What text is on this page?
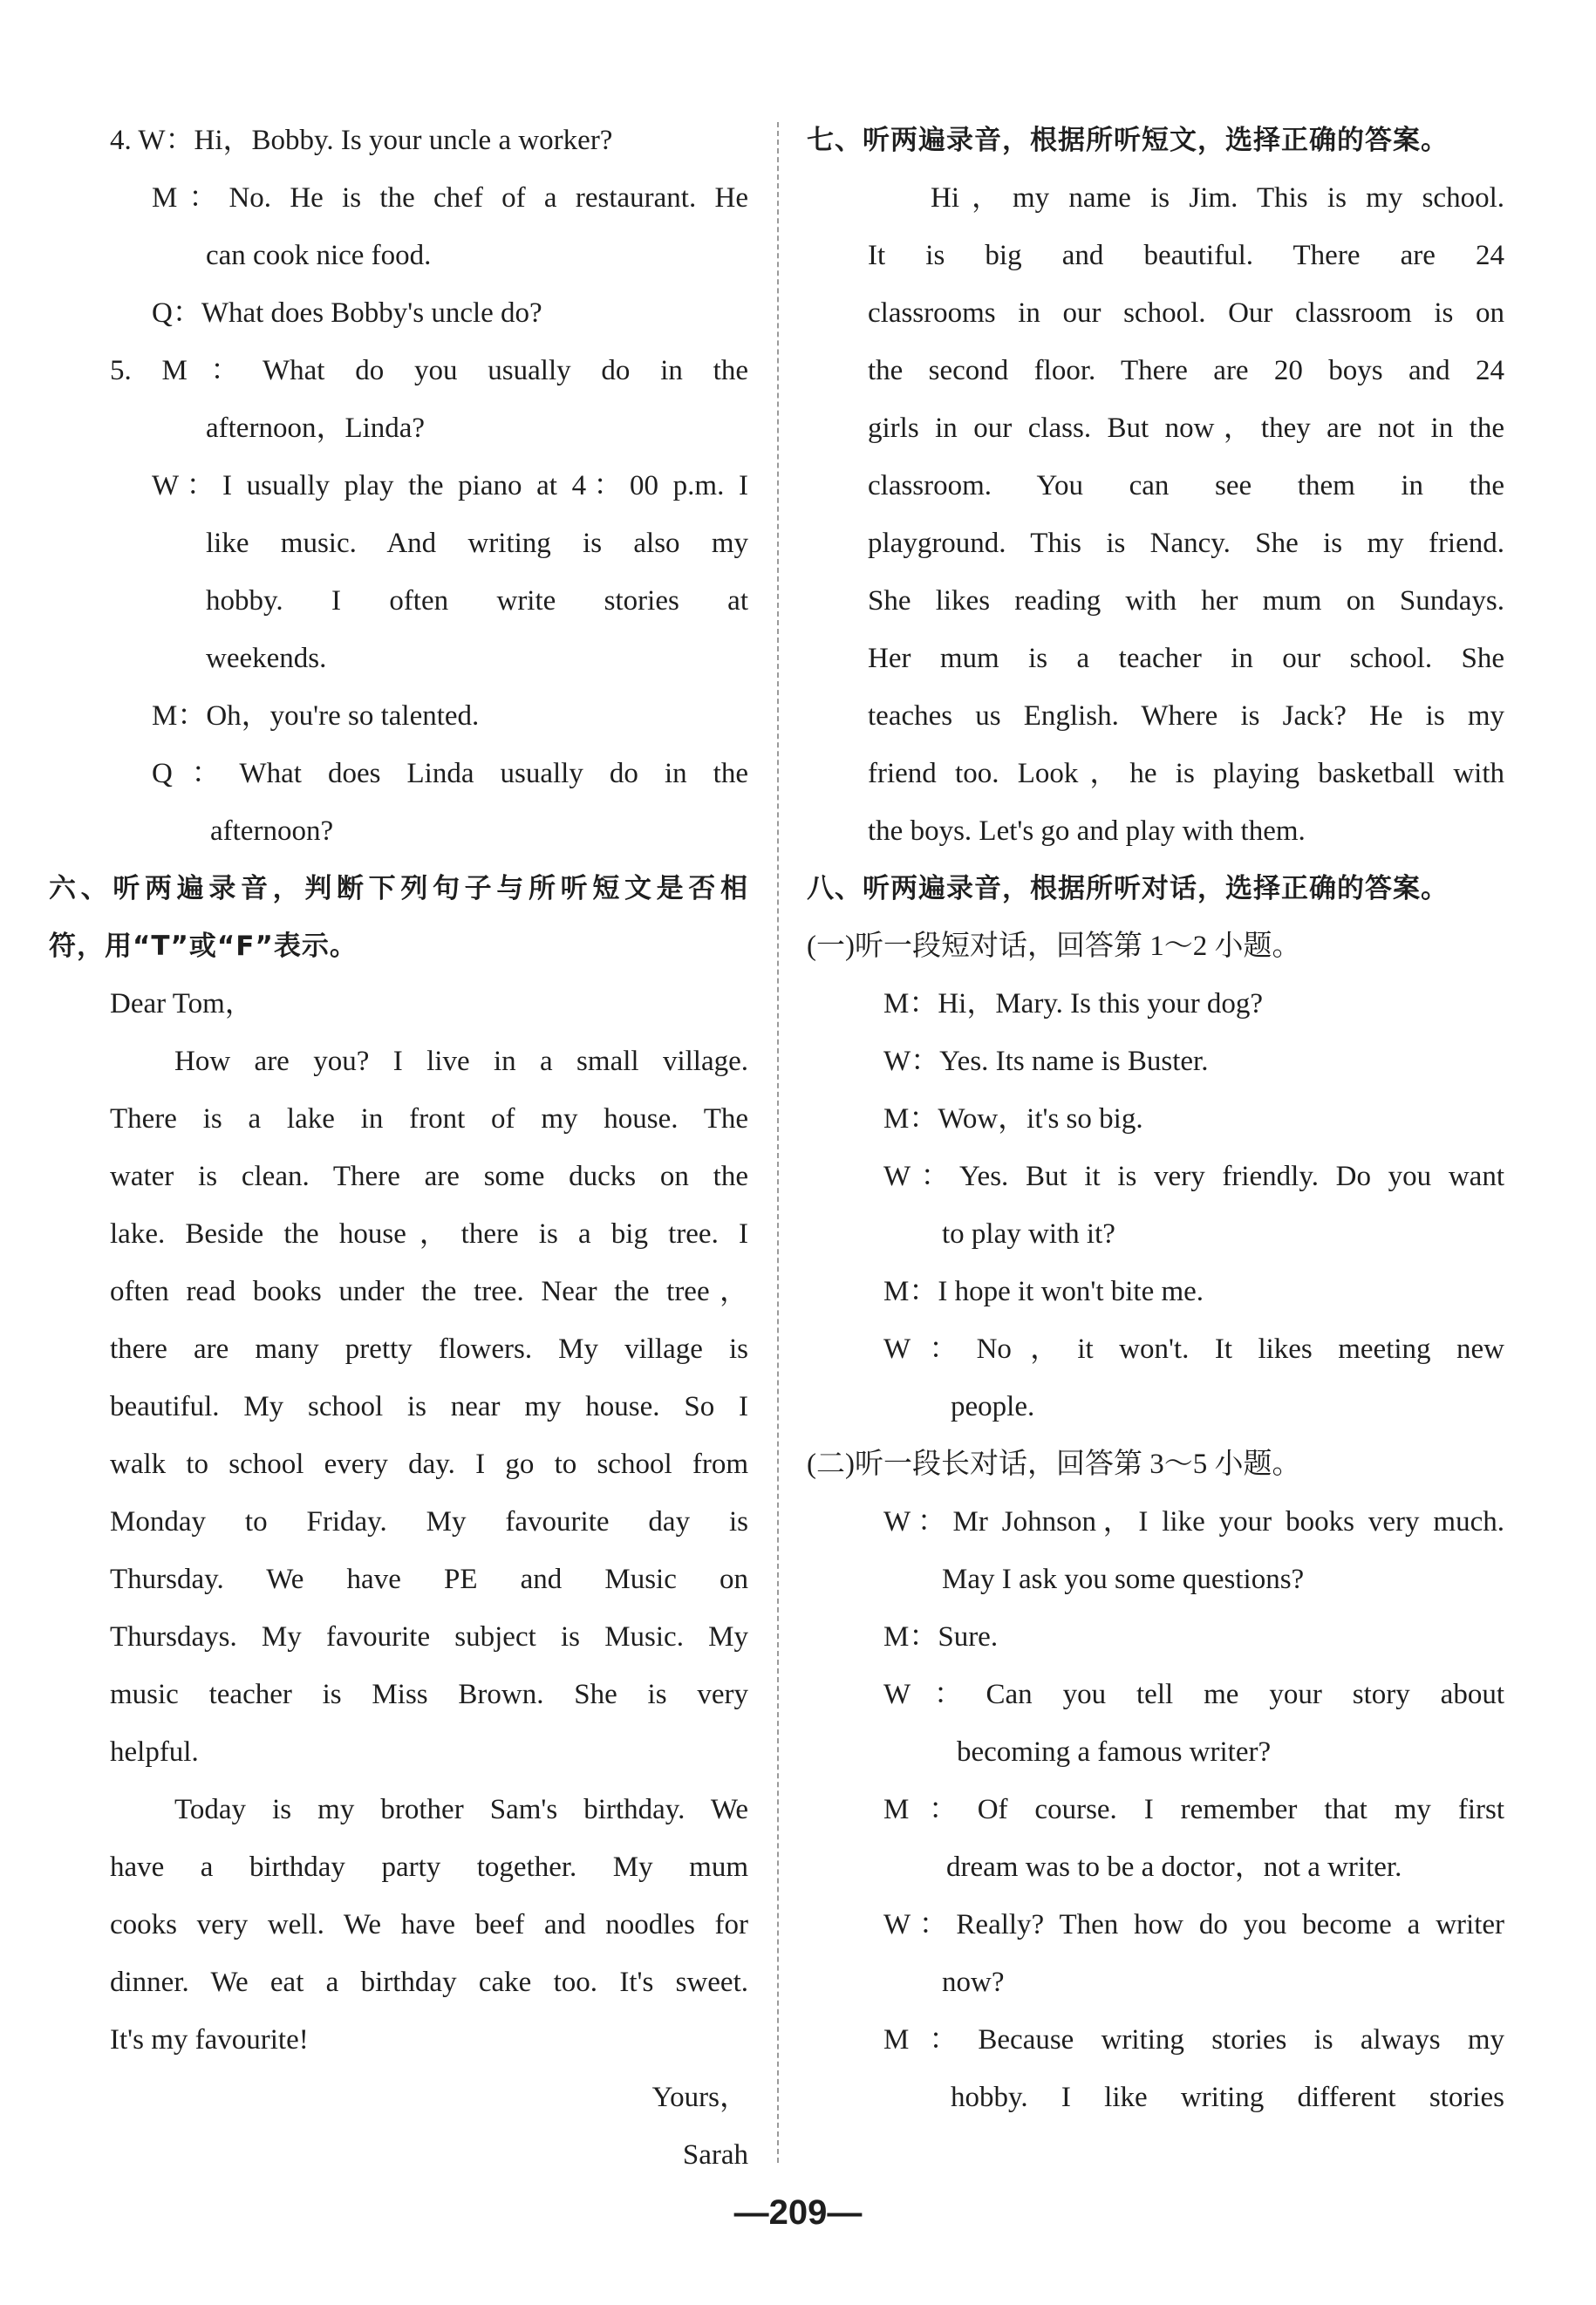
4. W：Hi，Bobby. Is your uncle a worker?
M：No. He is the chef of a restaurant. He
can cook nice food.
Q：What does Bobby's uncle do?
5. M：What do you usually do in the
afternoon，Linda?
W：I usually play the piano at 4：00 p.m. I
like music. And writing is also my
hobby. I often write stories at
weekends.
M：Oh，you're so talented.
Q：What does Linda usually do in the
afternoon?
六、听两遍录音，判断下列句子与所听短文是否相
符，用“T”或“F”表示。
Dear Tom，
How are you? I live in a small village.
There is a lake in front of my house. The
water is clean. There are some ducks on the
lake. Beside the house，there is a big tree. I
often read books under the tree. Near the tree，
there are many pretty flowers. My village is
beautiful. My school is near my house. So I
walk to school every day. I go to school from
Monday to Friday. My favourite day is
Thursday. We have PE and Music on
Thursdays. My favourite subject is Music. My
music teacher is Miss Brown. She is very
helpful.
Today is my brother Sam's birthday. We
have a birthday party together. My mum
cooks very well. We have beef and noodles for
dinner. We eat a birthday cake too. It's sweet.
It's my favourite!
Yours，
Sarah
七、听两遍录音，根据所听短文，选择正确的答案。
Hi，my name is Jim. This is my school.
It is big and beautiful. There are 24
classrooms in our school. Our classroom is on
the second floor. There are 20 boys and 24
girls in our class. But now，they are not in the
classroom. You can see them in the
playground. This is Nancy. She is my friend.
She likes reading with her mum on Sundays.
Her mum is a teacher in our school. She
teaches us English. Where is Jack? He is my
friend too. Look，he is playing basketball with
the boys. Let's go and play with them.
八、听两遍录音，根据所听对话，选择正确的答案。
(一)听一段短对话，回答第 1～2 小题。
M：Hi，Mary. Is this your dog?
W：Yes. Its name is Buster.
M：Wow，it's so big.
W：Yes. But it is very friendly. Do you want
to play with it?
M：I hope it won't bite me.
W：No，it won't. It likes meeting new
people.
(二)听一段长对话，回答第 3～5 小题。
W：Mr Johnson，I like your books very much.
May I ask you some questions?
M：Sure.
W：Can you tell me your story about
becoming a famous writer?
M：Of course. I remember that my first
dream was to be a doctor，not a writer.
W：Really? Then how do you become a writer
now?
M：Because writing stories is always my
hobby. I like writing different stories
—209—
